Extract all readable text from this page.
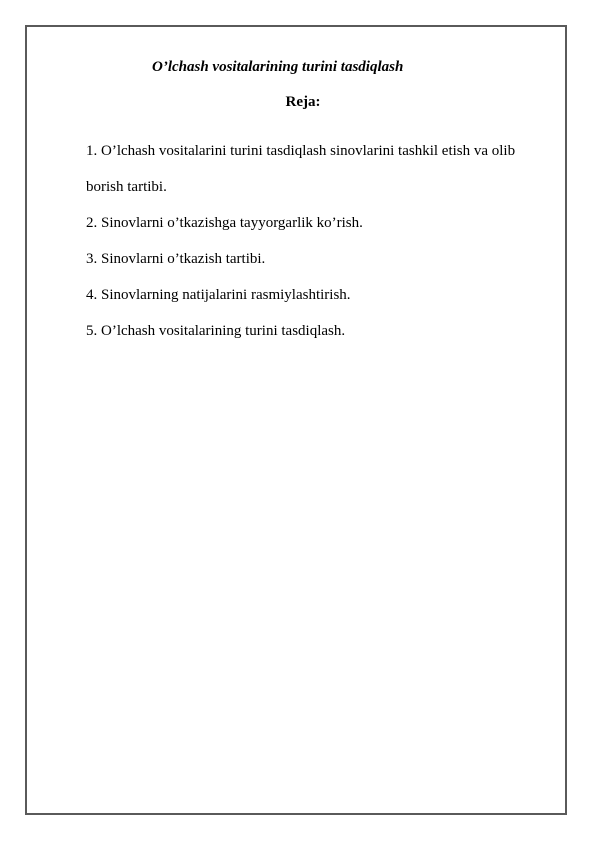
O’lchash vositalarining turini tasdiqlash
Reja:
1. O’lchash vositalarini turini tasdiqlash sinovlarini tashkil etish va olib borish tartibi.
2. Sinovlarni o’tkazishga tayyorgarlik ko’rish.
3. Sinovlarni o’tkazish tartibi.
4. Sinovlarning natijalarini rasmiylashtirish.
5. O’lchash vositalarining turini tasdiqlash.
